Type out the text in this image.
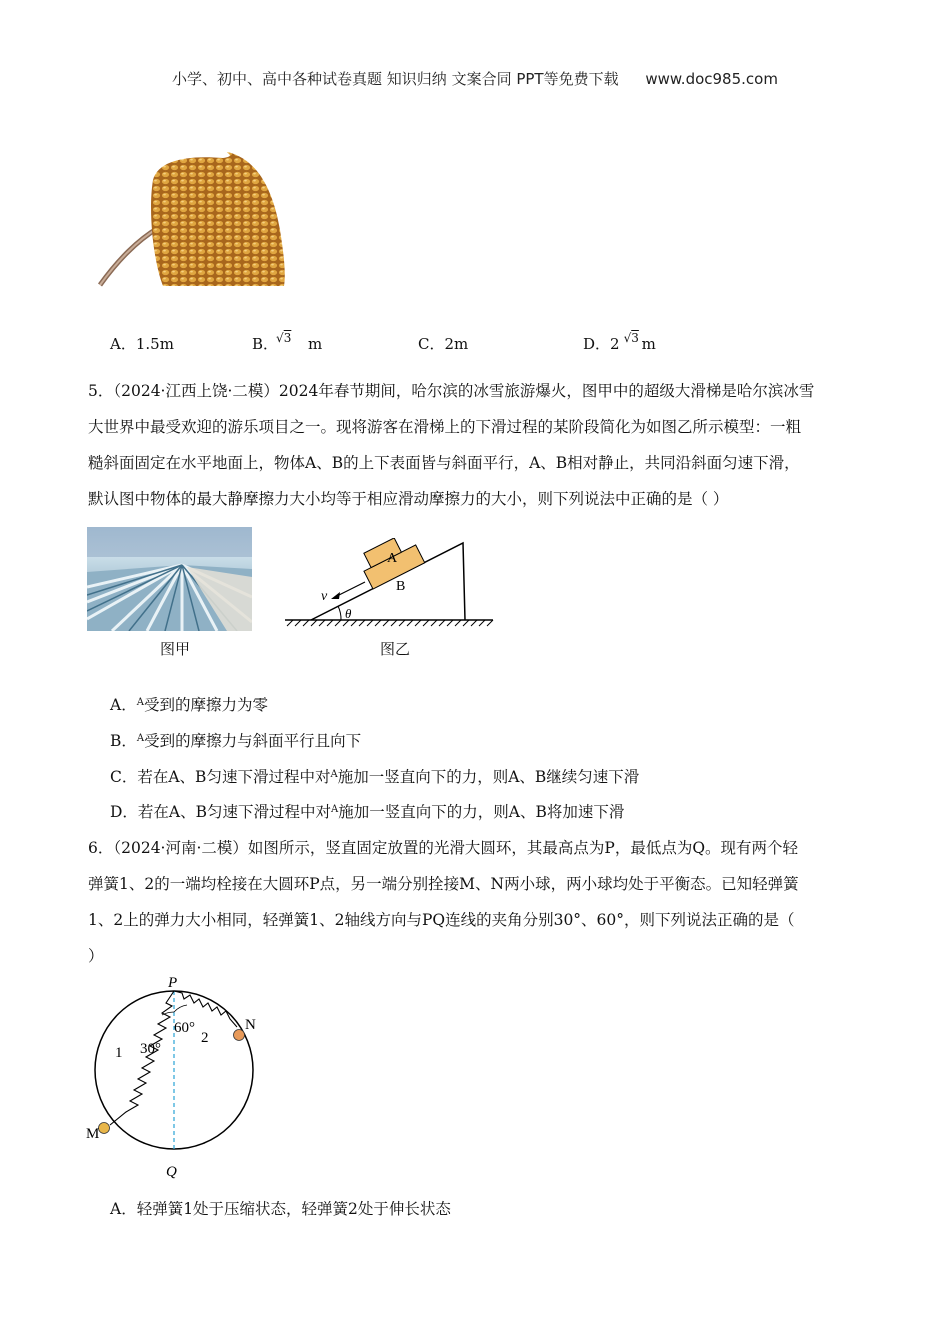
小学、初中、高中各种试卷真题 知识归纳 文案合同 PPT等免费下载 www.doc985.com
A．1.5m	B．
√3 m	C．2m	D．2 √3 m

5．（2024·江西上饶·二模）2024年春节期间，哈尔滨的冰雪旅游爆火，图甲中的超级大滑梯是哈尔滨冰雪

大世界中最受欢迎的游乐项目之一。现将游客在滑梯上的下滑过程的某阶段简化为如图乙所示模型：一粗

糙斜面固定在水平地面上，物体A、B的上下表面皆与斜面平行，A、B相对静止，共同沿斜面匀速下滑，

默认图中物体的最大静摩擦力大小均等于相应滑动摩擦力的大小，则下列说法中正确的是（ ）

图甲
B
A
v
θ
图乙
A．$^A$受到的摩擦力为零
B．$^A$受到的摩擦力与斜面平行且向下
C．若在A、B匀速下滑过程中对$^A$施加一竖直向下的力，则A、B继续匀速下滑
D．若在A、B匀速下滑过程中对$^A$施加一竖直向下的力，则A、B将加速下滑

6．（2024·河南·二模）如图所示，竖直固定放置的光滑大圆环，其最高点为P，最低点为Q。现有两个轻

弹簧1、2的一端均栓接在大圆环P点，另一端分别拴接M、N两小球，两小球均处于平衡态。已知轻弹簧

1、2上的弹力大小相同，轻弹簧1、2轴线方向与PQ连线的夹角分别30°、60°，则下列说法正确的是（

）

P
Q
M
N
1
2
30°
60°
A．轻弹簧1处于压缩状态，轻弹簧2处于伸长状态
